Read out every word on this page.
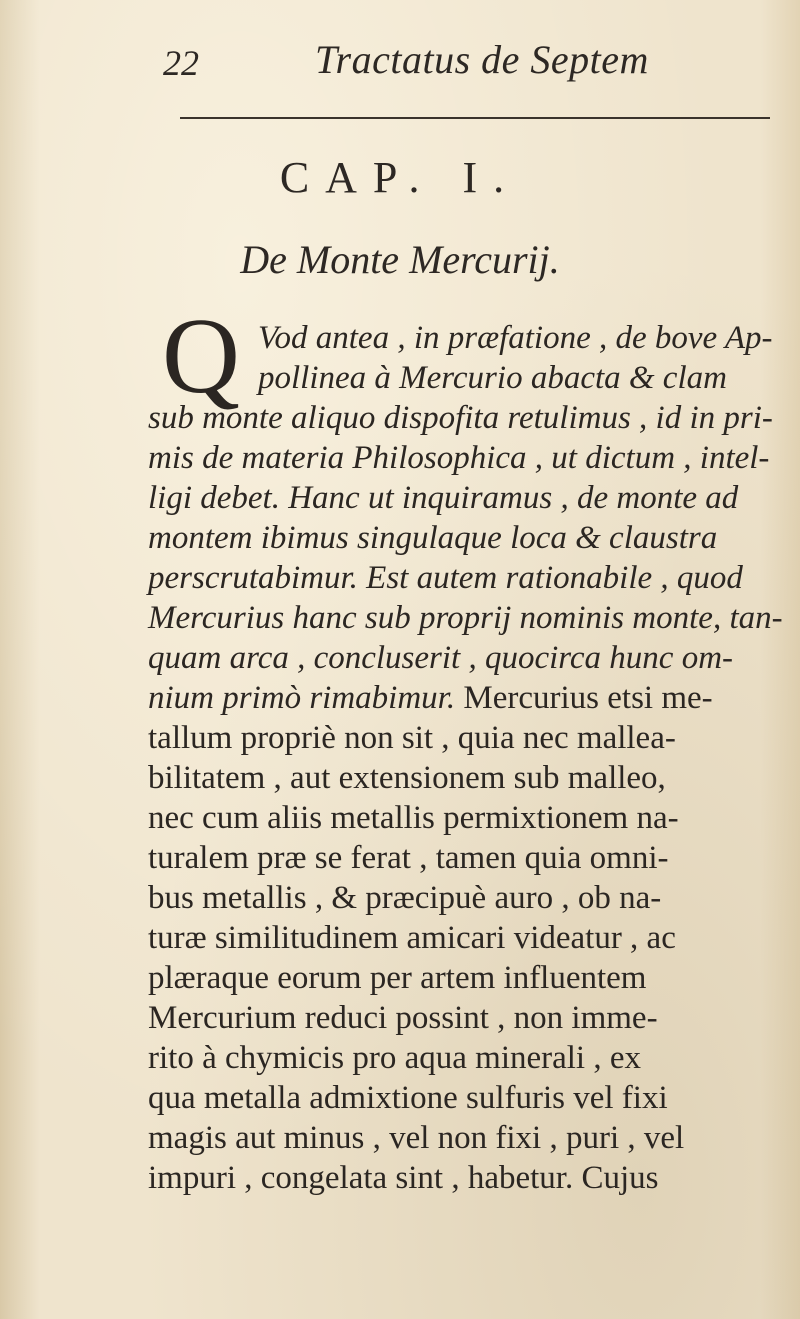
22	Tractatus de Septem
CAP. I.
De Monte Mercurij.
Q Vod antea , in præfatione , de bove Ap-
pollinea à Mercurio abacta & clam
sub monte aliquo dispofita retulimus , id in pri-
mis de materia Philosophica , ut dictum , intel-
ligi debet. Hanc ut inquiramus , de monte ad
montem ibimus singulaque loca & claustra
perscrutabimur. Est autem rationabile , quod
Mercurius hanc sub proprij nominis monte, tan-
quam arca , concluserit , quocirca hunc om-
nium primò rimabimur. Mercurius etsi me-
tallum propriè non sit , quia nec mallea-
bilitatem , aut extensionem sub malleo,
nec cum aliis metallis permixtionem na-
turalem præ se ferat , tamen quia omni-
bus metallis , & præcipuè auro , ob na-
turæ similitudinem amicari videatur , ac
plæraque eorum per artem influentem
Mercurium reduci possint , non imme-
rito à chymicis pro aqua minerali , ex
qua metalla admixtione sulfuris vel fixi
magis aut minus , vel non fixi , puri , vel
impuri , congelata sint , habetur. Cujus
